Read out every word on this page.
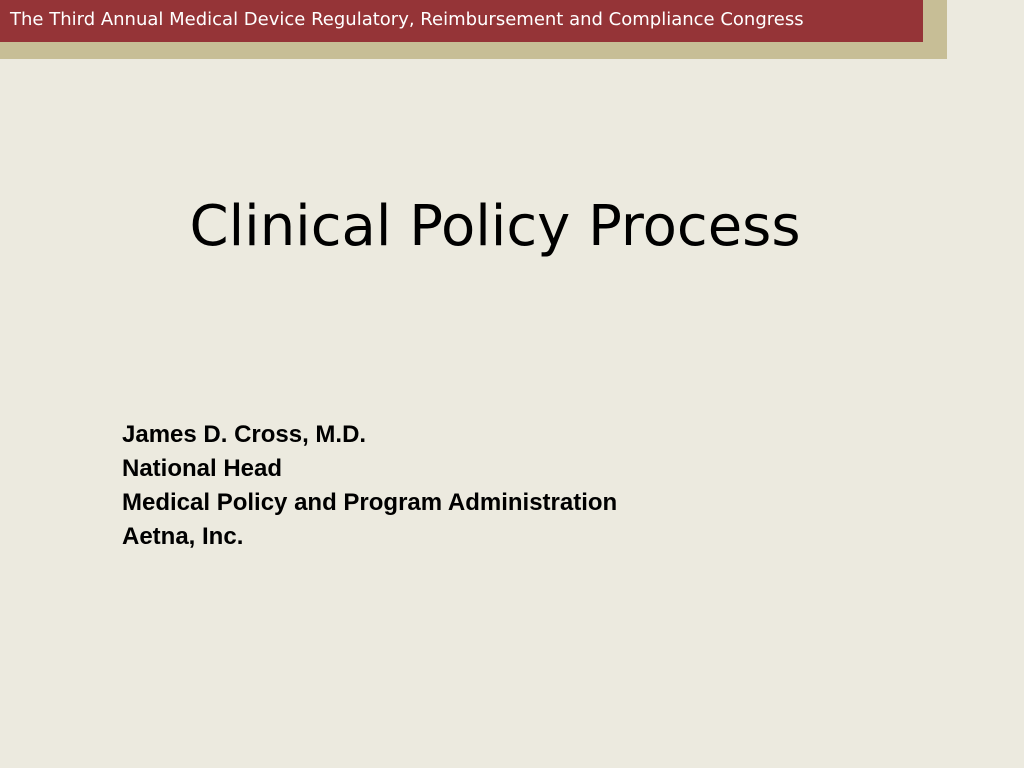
The Third Annual Medical Device Regulatory, Reimbursement and Compliance Congress
Clinical Policy Process
James D. Cross, M.D.
National Head
Medical Policy and Program Administration
Aetna, Inc.
